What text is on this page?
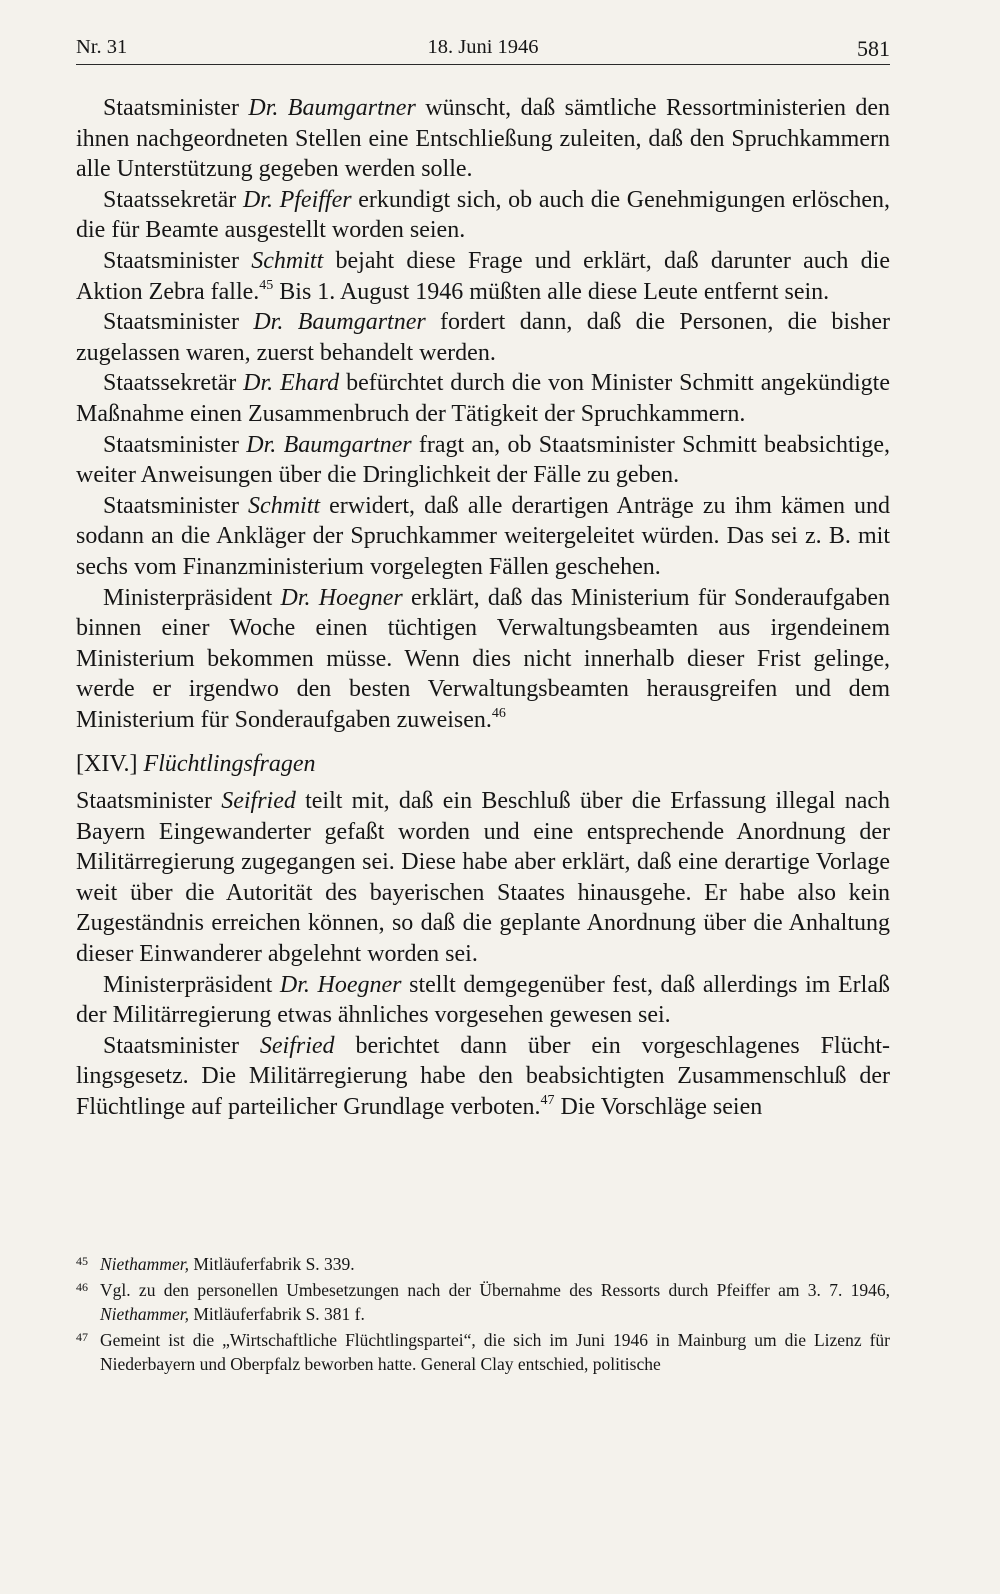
Nr. 31	18. Juni 1946	581

Staatsminister Dr. Baumgartner wünscht, daß sämtliche Ressortministerien den ihnen nachgeordneten Stellen eine Entschließung zuleiten, daß den Spruchkammern alle Unterstützung gegeben werden solle.

Staatssekretär Dr. Pfeiffer erkundigt sich, ob auch die Genehmigungen erlöschen, die für Beamte ausgestellt worden seien.

Staatsminister Schmitt bejaht diese Frage und erklärt, daß darunter auch die Aktion Zebra falle.$^{45}$ Bis 1. August 1946 müßten alle diese Leute entfernt sein.

Staatsminister Dr. Baumgartner fordert dann, daß die Personen, die bisher zugelassen waren, zuerst behandelt werden.

Staatssekretär Dr. Ehard befürchtet durch die von Minister Schmitt angekündigte Maßnahme einen Zusammenbruch der Tätigkeit der Spruchkammern.

Staatsminister Dr. Baumgartner fragt an, ob Staatsminister Schmitt beabsichtige, weiter Anweisungen über die Dringlichkeit der Fälle zu geben.

Staatsminister Schmitt erwidert, daß alle derartigen Anträge zu ihm kämen und sodann an die Ankläger der Spruchkammer weitergeleitet würden. Das sei z. B. mit sechs vom Finanzministerium vorgelegten Fällen geschehen.

Ministerpräsident Dr. Hoegner erklärt, daß das Ministerium für Sonderaufgaben binnen einer Woche einen tüchtigen Verwaltungsbeamten aus irgendeinem Ministerium bekommen müsse. Wenn dies nicht innerhalb dieser Frist gelinge, werde er irgendwo den besten Verwaltungsbeamten herausgreifen und dem Ministerium für Sonderaufgaben zuweisen.$^{46}$

[XIV.] Flüchtlingsfragen

Staatsminister Seifried teilt mit, daß ein Beschluß über die Erfassung illegal nach Bayern Eingewanderter gefaßt worden und eine entsprechende Anordnung der Militärregierung zugegangen sei. Diese habe aber erklärt, daß eine derartige Vorlage weit über die Autorität des bayerischen Staates hinausgehe. Er habe also kein Zugeständnis erreichen können, so daß die geplante Anordnung über die Anhaltung dieser Einwanderer abgelehnt worden sei.

Ministerpräsident Dr. Hoegner stellt demgegenüber fest, daß allerdings im Erlaß der Militärregierung etwas ähnliches vorgesehen gewesen sei.

Staatsminister Seifried berichtet dann über ein vorgeschlagenes Flüchtlingsgesetz. Die Militärregierung habe den beabsichtigten Zusammenschluß der Flüchtlinge auf parteilicher Grundlage verboten.$^{47}$ Die Vorschläge seien

45 Niethammer, Mitläuferfabrik S. 339.
46 Vgl. zu den personellen Umbesetzungen nach der Übernahme des Ressorts durch Pfeiffer am 3. 7. 1946, Niethammer, Mitläuferfabrik S. 381 f.
47 Gemeint ist die „Wirtschaftliche Flüchtlingspartei“, die sich im Juni 1946 in Mainburg um die Lizenz für Niederbayern und Oberpfalz beworben hatte. General Clay entschied, politische
